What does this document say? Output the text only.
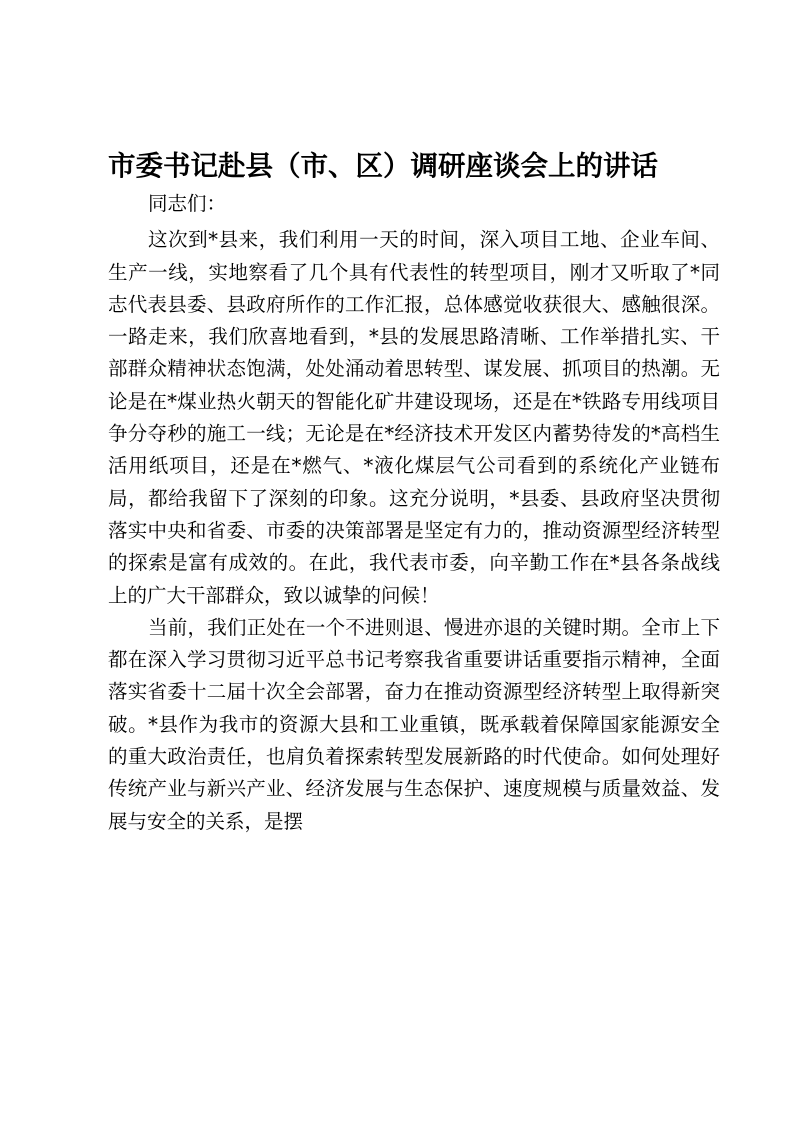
市委书记赴县（市、区）调研座谈会上的讲话

同志们：

这次到*县来，我们利用一天的时间，深入项目工地、企业车间、生产一线，实地察看了几个具有代表性的转型项目，刚才又听取了*同志代表县委、县政府所作的工作汇报，总体感觉收获很大、感触很深。一路走来，我们欣喜地看到，*县的发展思路清晰、工作举措扎实、干部群众精神状态饱满，处处涌动着思转型、谋发展、抓项目的热潮。无论是在*煤业热火朝天的智能化矿井建设现场，还是在*铁路专用线项目争分夺秒的施工一线；无论是在*经济技术开发区内蓄势待发的*高档生活用纸项目，还是在*燃气、*液化煤层气公司看到的系统化产业链布局，都给我留下了深刻的印象。这充分说明，*县委、县政府坚决贯彻落实中央和省委、市委的决策部署是坚定有力的，推动资源型经济转型的探索是富有成效的。在此，我代表市委，向辛勤工作在*县各条战线上的广大干部群众，致以诚挚的问候！

当前，我们正处在一个不进则退、慢进亦退的关键时期。全市上下都在深入学习贯彻习近平总书记考察我省重要讲话重要指示精神，全面落实省委十二届十次全会部署，奋力在推动资源型经济转型上取得新突破。*县作为我市的资源大县和工业重镇，既承载着保障国家能源安全的重大政治责任，也肩负着探索转型发展新路的时代使命。如何处理好传统产业与新兴产业、经济发展与生态保护、速度规模与质量效益、发展与安全的关系，是摆
